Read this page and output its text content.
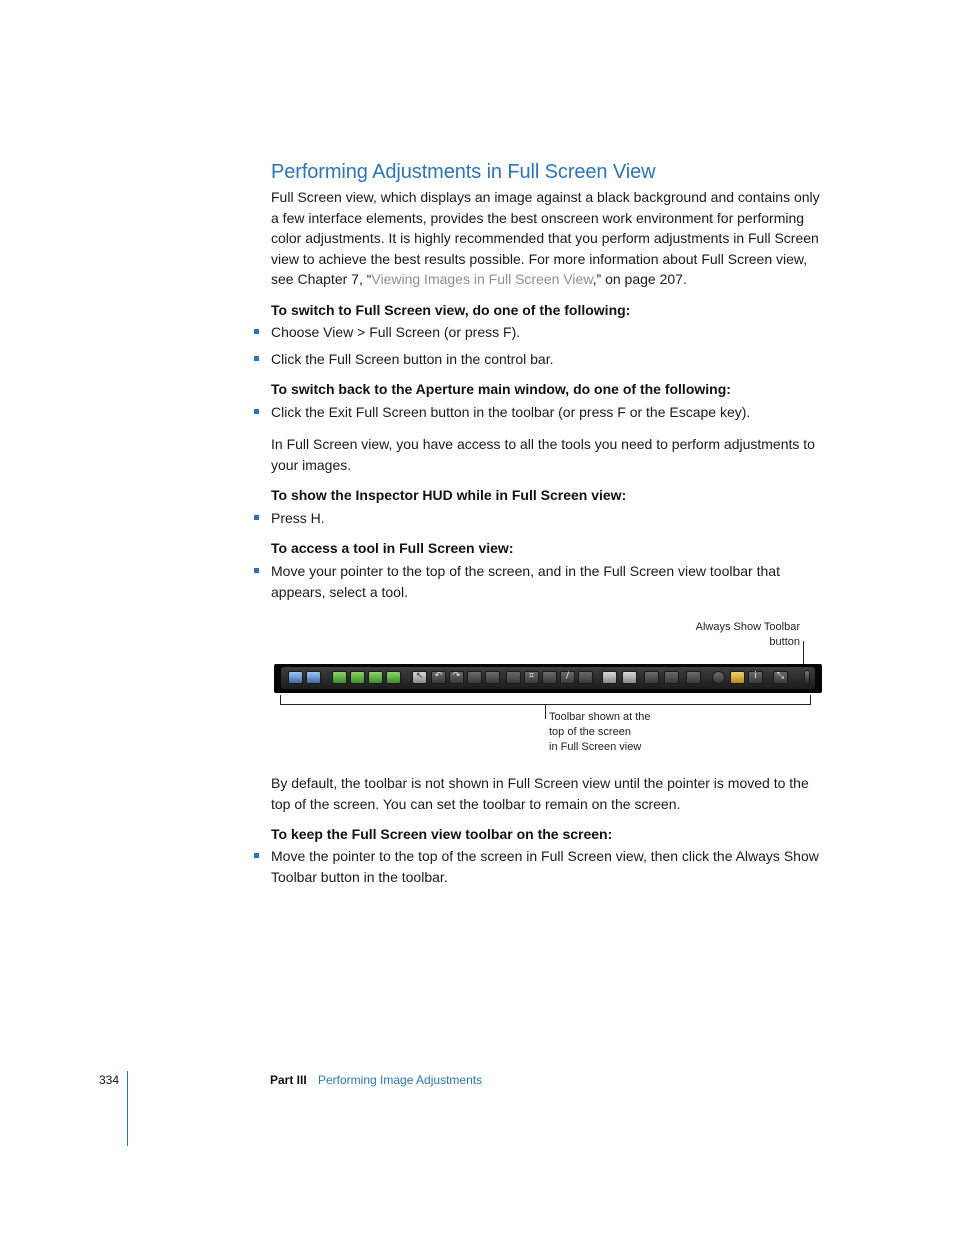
Performing Adjustments in Full Screen View
Full Screen view, which displays an image against a black background and contains only a few interface elements, provides the best onscreen work environment for performing color adjustments. It is highly recommended that you perform adjustments in Full Screen view to achieve the best results possible. For more information about Full Screen view, see Chapter 7, “Viewing Images in Full Screen View,” on page 207.
To switch to Full Screen view, do one of the following:
Choose View > Full Screen (or press F).
Click the Full Screen button in the control bar.
To switch back to the Aperture main window, do one of the following:
Click the Exit Full Screen button in the toolbar (or press F or the Escape key).
In Full Screen view, you have access to all the tools you need to perform adjustments to your images.
To show the Inspector HUD while in Full Screen view:
Press H.
To access a tool in Full Screen view:
Move your pointer to the top of the screen, and in the Full Screen view toolbar that appears, select a tool.
Always Show Toolbar
button
↖	↶	↷	⌗	/	i	⤡
Toolbar shown at the
top of the screen
in Full Screen view
By default, the toolbar is not shown in Full Screen view until the pointer is moved to the top of the screen. You can set the toolbar to remain on the screen.
To keep the Full Screen view toolbar on the screen:
Move the pointer to the top of the screen in Full Screen view, then click the Always Show Toolbar button in the toolbar.
334	Part III Performing Image Adjustments
